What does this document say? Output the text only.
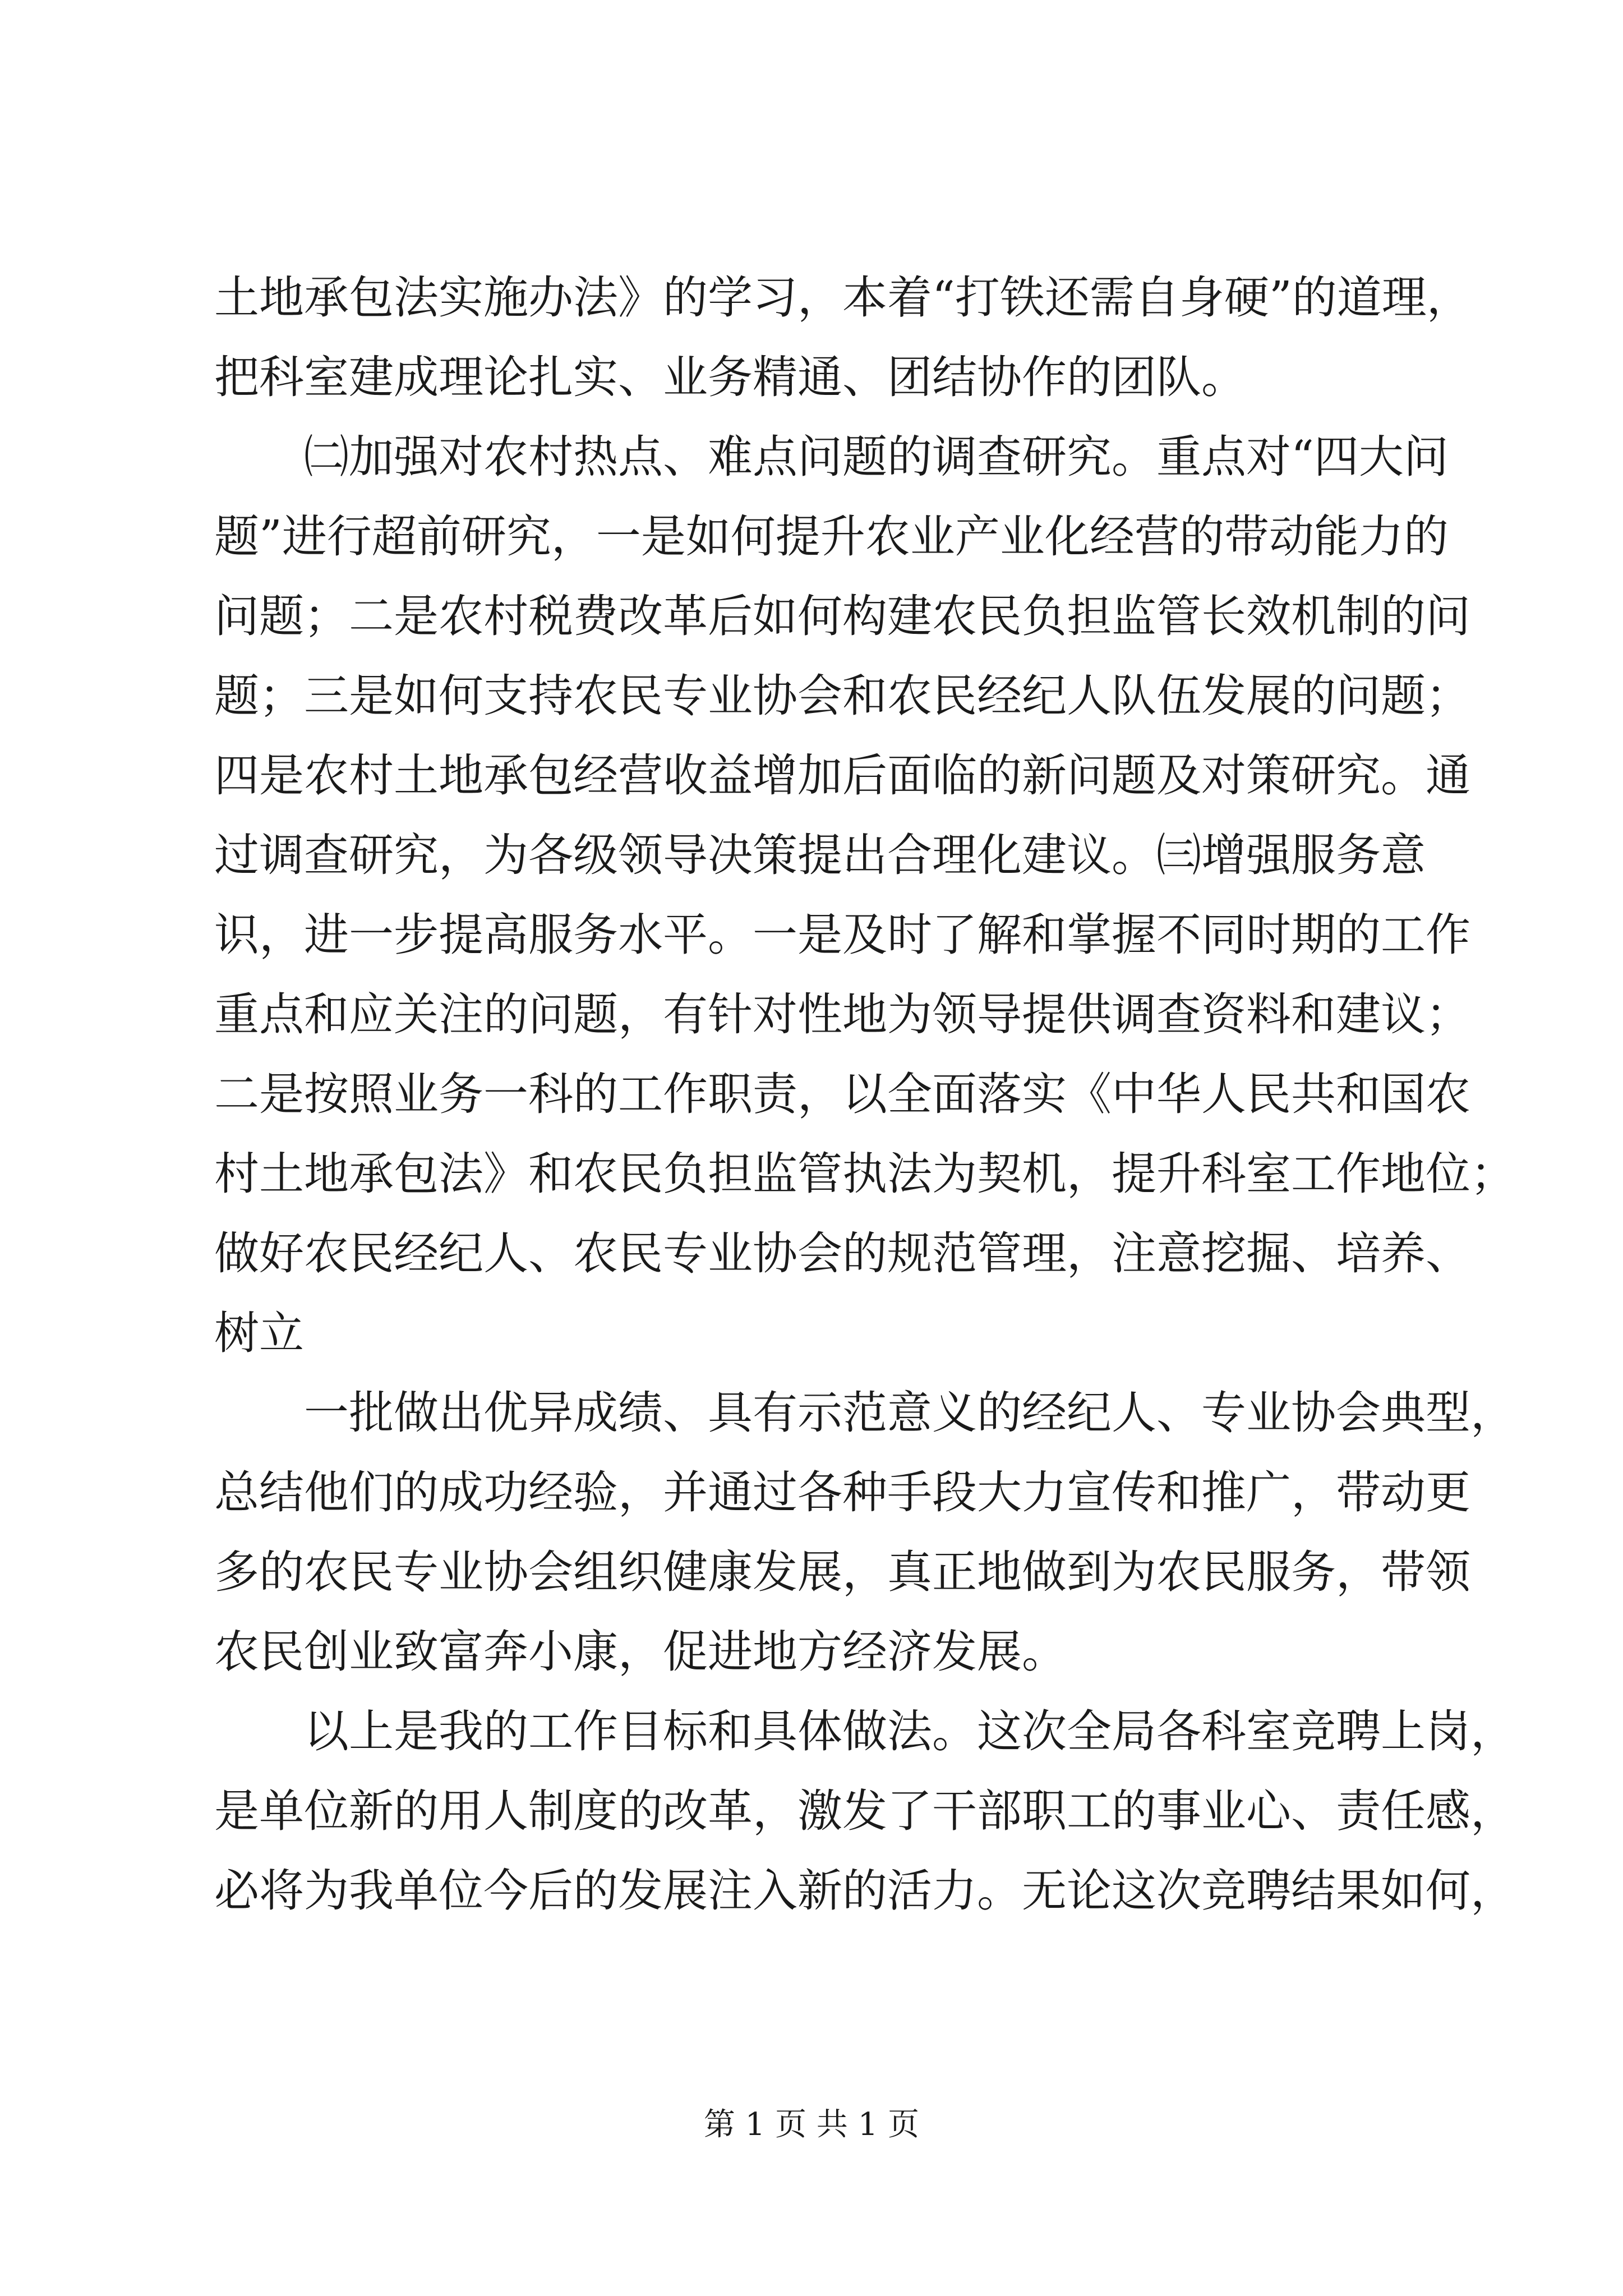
土地承包法实施办法》的学习，本着“打铁还需自身硬”的道理，
把科室建成理论扎实、业务精通、团结协作的团队。
㈡加强对农村热点、难点问题的调查研究。重点对“四大问
题”进行超前研究，一是如何提升农业产业化经营的带动能力的
问题；二是农村税费改革后如何构建农民负担监管长效机制的问
题；三是如何支持农民专业协会和农民经纪人队伍发展的问题；
四是农村土地承包经营收益增加后面临的新问题及对策研究。通
过调查研究，为各级领导决策提出合理化建议。㈢增强服务意
识，进一步提高服务水平。一是及时了解和掌握不同时期的工作
重点和应关注的问题，有针对性地为领导提供调查资料和建议；
二是按照业务一科的工作职责，以全面落实《中华人民共和国农
村土地承包法》和农民负担监管执法为契机，提升科室工作地位；
做好农民经纪人、农民专业协会的规范管理，注意挖掘、培养、
树立
一批做出优异成绩、具有示范意义的经纪人、专业协会典型，
总结他们的成功经验，并通过各种手段大力宣传和推广，带动更
多的农民专业协会组织健康发展，真正地做到为农民服务，带领
农民创业致富奔小康，促进地方经济发展。
以上是我的工作目标和具体做法。这次全局各科室竞聘上岗，
是单位新的用人制度的改革，激发了干部职工的事业心、责任感，
必将为我单位今后的发展注入新的活力。无论这次竞聘结果如何，
第 1 页 共 1 页
